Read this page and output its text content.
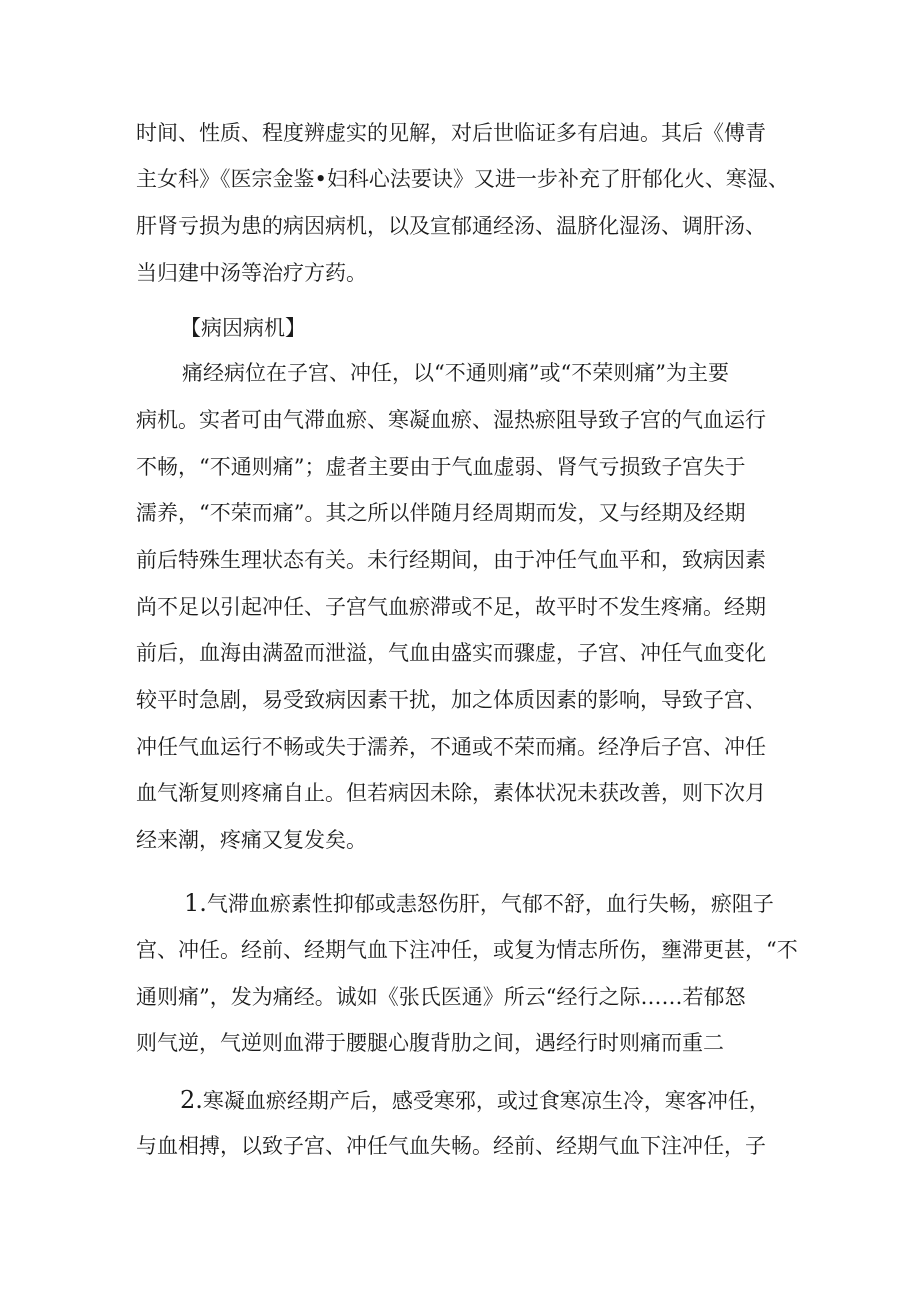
时间、性质、程度辨虚实的见解，对后世临证多有启迪。其后《傅青
主女科》《医宗金鉴•妇科心法要诀》又进一步补充了肝郁化火、寒湿、
肝肾亏损为患的病因病机，以及宣郁通经汤、温脐化湿汤、调肝汤、
当归建中汤等治疗方药。
【病因病机】
痛经病位在子宫、冲任，以“不通则痛”或“不荣则痛”为主要
病机。实者可由气滞血瘀、寒凝血瘀、湿热瘀阻导致子宫的气血运行
不畅，“不通则痛”；虚者主要由于气血虚弱、肾气亏损致子宫失于
濡养，“不荣而痛”。其之所以伴随月经周期而发，又与经期及经期
前后特殊生理状态有关。未行经期间，由于冲任气血平和，致病因素
尚不足以引起冲任、子宫气血瘀滞或不足，故平时不发生疼痛。经期
前后，血海由满盈而泄溢，气血由盛实而骤虚，子宫、冲任气血变化
较平时急剧，易受致病因素干扰，加之体质因素的影响，导致子宫、
冲任气血运行不畅或失于濡养，不通或不荣而痛。经净后子宫、冲任
血气渐复则疼痛自止。但若病因未除，素体状况未获改善，则下次月
经来潮，疼痛又复发矣。
1.气滞血瘀素性抑郁或恚怒伤肝，气郁不舒，血行失畅，瘀阻子
宫、冲任。经前、经期气血下注冲任，或复为情志所伤，壅滞更甚，“不
通则痛”，发为痛经。诚如《张氏医通》所云“经行之际……若郁怒
则气逆，气逆则血滞于腰腿心腹背肋之间，遇经行时则痛而重二
2.寒凝血瘀经期产后，感受寒邪，或过食寒凉生冷，寒客冲任，
与血相搏，以致子宫、冲任气血失畅。经前、经期气血下注冲任，子
